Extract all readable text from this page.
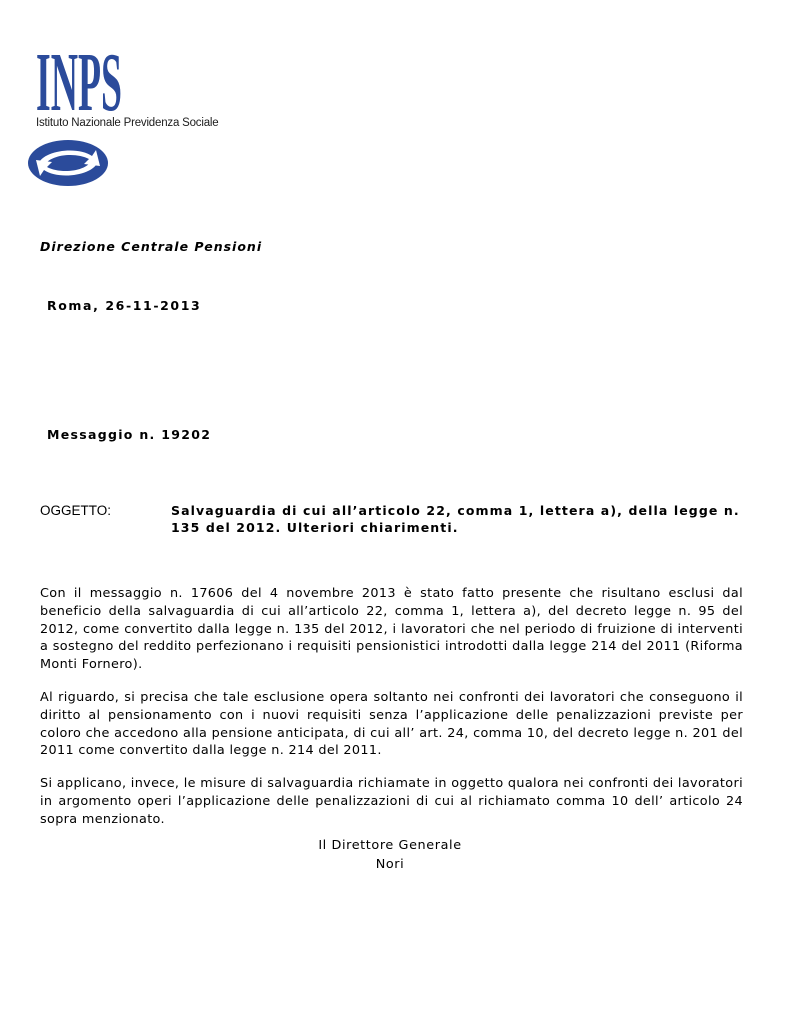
INPS
Istituto Nazionale Previdenza Sociale
Direzione Centrale Pensioni
Roma, 26-11-2013
Messaggio n. 19202
OGGETTO:	Salvaguardia di cui all’articolo 22, comma 1, lettera a), della legge n. 135 del 2012. Ulteriori chiarimenti.

Con il messaggio n. 17606 del 4 novembre 2013 è stato fatto presente che risultano esclusi dal beneficio della salvaguardia di cui all’articolo 22, comma 1, lettera a), del decreto legge n. 95 del 2012, come convertito dalla legge n. 135 del 2012, i lavoratori che nel periodo di fruizione di interventi a sostegno del reddito perfezionano i requisiti pensionistici introdotti dalla legge 214 del 2011 (Riforma Monti Fornero).

Al riguardo, si precisa che tale esclusione opera soltanto nei confronti dei lavoratori che conseguono il diritto al pensionamento con i nuovi requisiti senza l’applicazione delle penalizzazioni previste per coloro che accedono alla pensione anticipata, di cui all’ art. 24, comma 10, del decreto legge n. 201 del 2011 come convertito dalla legge n. 214 del 2011.

Si applicano, invece, le misure di salvaguardia richiamate in oggetto qualora nei confronti dei lavoratori in argomento operi l’applicazione delle penalizzazioni di cui al richiamato comma 10 dell’ articolo 24 sopra menzionato.

Il Direttore Generale
Nori
